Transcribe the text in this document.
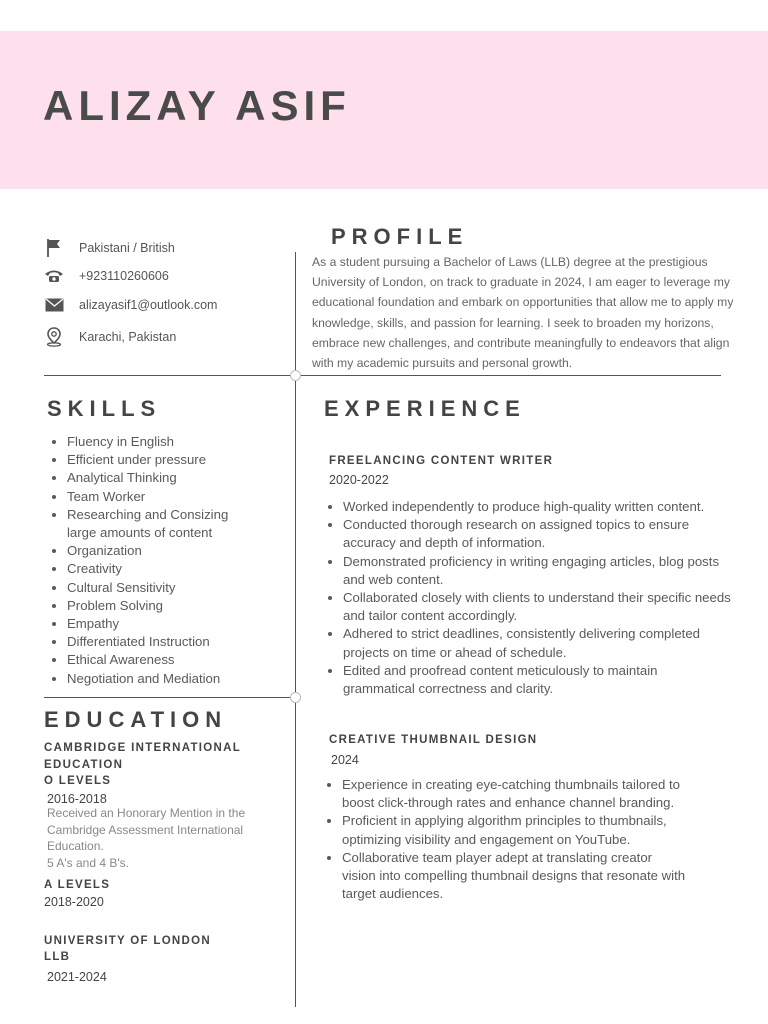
ALIZAY ASIF
Pakistani / British
+923110260606
alizayasif1@outlook.com
Karachi, Pakistan
PROFILE

As a student pursuing a Bachelor of Laws (LLB) degree at the prestigious University of London, on track to graduate in 2024, I am eager to leverage my educational foundation and embark on opportunities that allow me to apply my knowledge, skills, and passion for learning. I seek to broaden my horizons, embrace new challenges, and contribute meaningfully to endeavors that align with my academic pursuits and personal growth.

SKILLS
• Fluency in English
• Efficient under pressure
• Analytical Thinking
• Team Worker
• Researching and Consizing large amounts of content
• Organization
• Creativity
• Cultural Sensitivity
• Problem Solving
• Empathy
• Differentiated Instruction
• Ethical Awareness
• Negotiation and Mediation
EXPERIENCE

FREELANCING CONTENT WRITER

2020-2022

• Worked independently to produce high-quality written content.
• Conducted thorough research on assigned topics to ensure accuracy and depth of information.
• Demonstrated proficiency in writing engaging articles, blog posts and web content.
• Collaborated closely with clients to understand their specific needs and tailor content accordingly.
• Adhered to strict deadlines, consistently delivering completed projects on time or ahead of schedule.
• Edited and proofread content meticulously to maintain grammatical correctness and clarity.

CREATIVE THUMBNAIL DESIGN

2024

• Experience in creating eye-catching thumbnails tailored to boost click-through rates and enhance channel branding.
• Proficient in applying algorithm principles to thumbnails, optimizing visibility and engagement on YouTube.
• Collaborative team player adept at translating creator vision into compelling thumbnail designs that resonate with target audiences.
EDUCATION

CAMBRIDGE INTERNATIONAL EDUCATION

O LEVELS

2016-2018

Received an Honorary Mention in the Cambridge Assessment International Education.

5 A's and 4 B's.

A LEVELS

2018-2020

UNIVERSITY OF LONDON

LLB

2021-2024
